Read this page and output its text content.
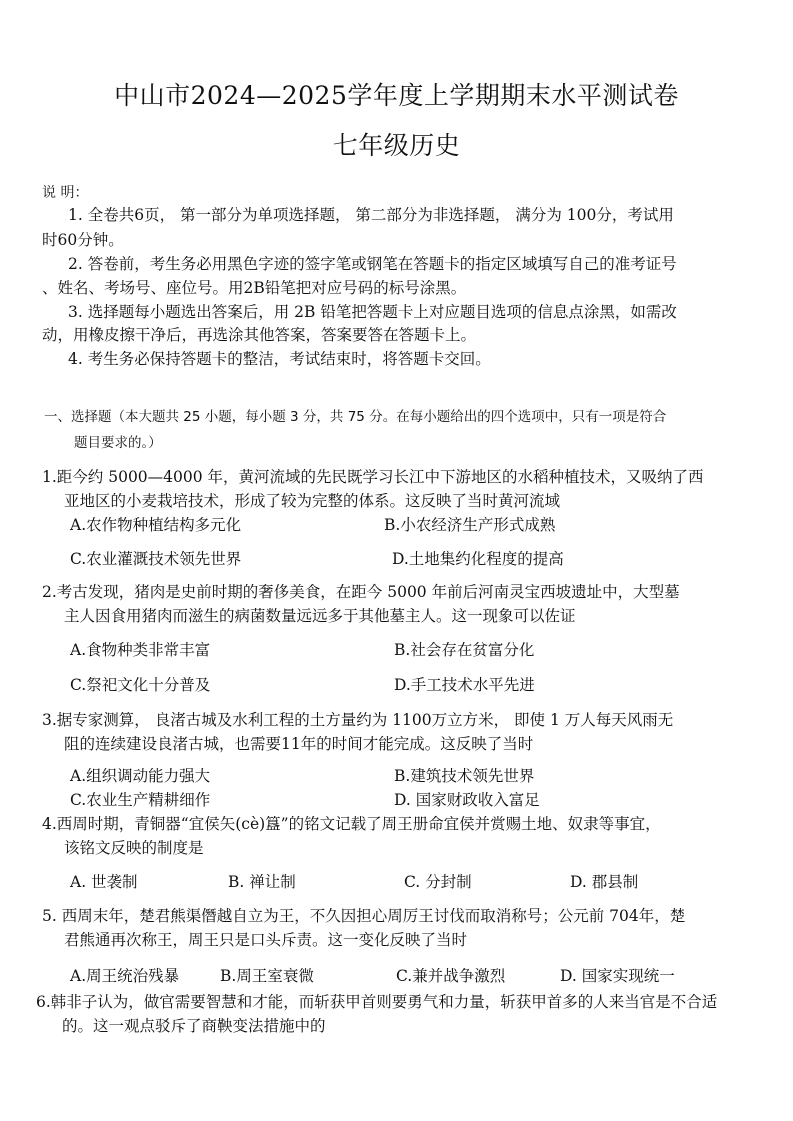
中山市2024—2025学年度上学期期末水平测试卷
七年级历史
说 明：
1. 全卷共6页， 第一部分为单项选择题， 第二部分为非选择题， 满分为 100分，考试用
时60分钟。
2. 答卷前，考生务必用黑色字迹的签字笔或钢笔在答题卡的指定区域填写自己的准考证号
、姓名、考场号、座位号。用2B铅笔把对应号码的标号涂黑。
3. 选择题每小题选出答案后，用 2B 铅笔把答题卡上对应题目选项的信息点涂黑，如需改
动，用橡皮擦干净后，再选涂其他答案，答案要答在答题卡上。
4. 考生务必保持答题卡的整洁，考试结束时，将答题卡交回。
一、选择题（本大题共 25 小题，每小题 3 分，共 75 分。在每小题给出的四个选项中，只有一项是符合
题目要求的。）
1.距今约 5000—4000 年，黄河流域的先民既学习长江中下游地区的水稻种植技术，又吸纳了西
亚地区的小麦栽培技术，形成了较为完整的体系。这反映了当时黄河流域
A.农作物种植结构多元化	B.小农经济生产形式成熟
C.农业灌溉技术领先世界	D.土地集约化程度的提高
2.考古发现，猪肉是史前时期的奢侈美食，在距今 5000 年前后河南灵宝西坡遗址中，大型墓
主人因食用猪肉而滋生的病菌数量远远多于其他墓主人。这一现象可以佐证
A.食物种类非常丰富	B.社会存在贫富分化
C.祭祀文化十分普及	D.手工技术水平先进
3.据专家测算， 良渚古城及水利工程的土方量约为 1100万立方米， 即使 1 万人每天风雨无
阻的连续建设良渚古城，也需要11年的时间才能完成。这反映了当时
A.组织调动能力强大	B.建筑技术领先世界
C.农业生产精耕细作	D. 国家财政收入富足
4.西周时期，青铜器“宜侯矢(cè)簋”的铭文记载了周王册命宜侯并赏赐土地、奴隶等事宜，
该铭文反映的制度是
A. 世袭制	B. 禅让制	C. 分封制	D. 郡县制
5. 西周末年，楚君熊渠僭越自立为王，不久因担心周厉王讨伐而取消称号；公元前 704年，楚
君熊通再次称王，周王只是口头斥责。这一变化反映了当时
A.周王统治残暴	B.周王室衰微	C.兼并战争激烈	D. 国家实现统一
6.韩非子认为，做官需要智慧和才能，而斩获甲首则要勇气和力量，斩获甲首多的人来当官是不合适
的。这一观点驳斥了商鞅变法措施中的
